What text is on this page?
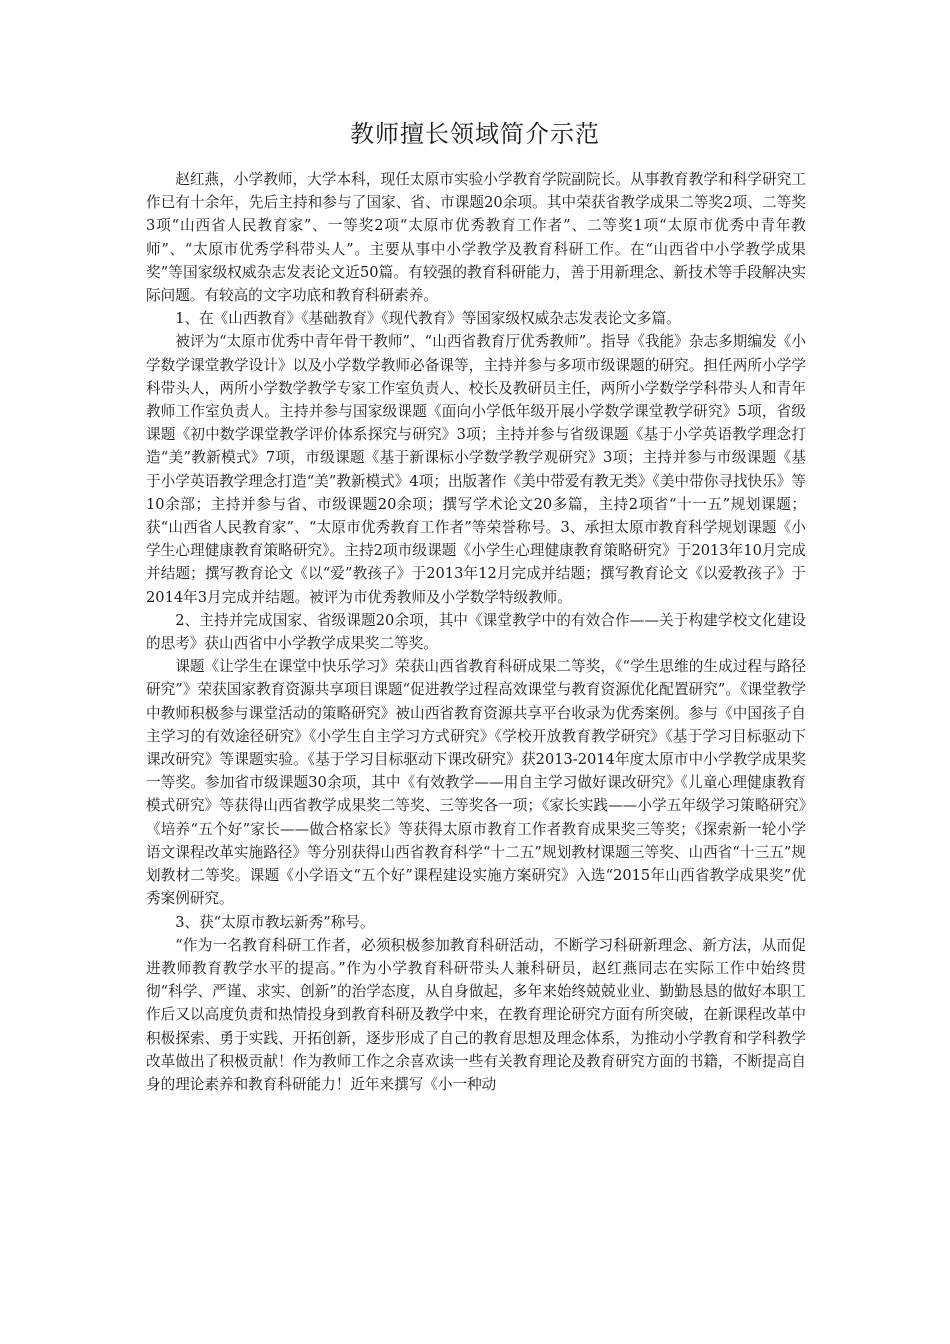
教师擅长领域简介示范

赵红燕，小学教师，大学本科，现任太原市实验小学教育学院副院长。从事教育教学和科学研究工作已有十余年，先后主持和参与了国家、省、市课题20余项。其中荣获省教学成果二等奖2项、二等奖3项“山西省人民教育家”、一等奖2项“太原市优秀教育工作者”、二等奖1项“太原市优秀中青年教师”、“太原市优秀学科带头人”。主要从事中小学教学及教育科研工作。在“山西省中小学教学成果奖”等国家级权威杂志发表论文近50篇。有较强的教育科研能力，善于用新理念、新技术等手段解决实际问题。有较高的文字功底和教育科研素养。

1、在《山西教育》《基础教育》《现代教育》等国家级权威杂志发表论文多篇。

被评为“太原市优秀中青年骨干教师”、“山西省教育厅优秀教师”。指导《我能》杂志多期编发《小学数学课堂教学设计》以及小学数学教师必备课等，主持并参与多项市级课题的研究。担任两所小学学科带头人，两所小学数学教学专家工作室负责人、校长及教研员主任，两所小学数学学科带头人和青年教师工作室负责人。主持并参与国家级课题《面向小学低年级开展小学数学课堂教学研究》5项，省级课题《初中数学课堂教学评价体系探究与研究》3项；主持并参与省级课题《基于小学英语教学理念打造“美”教新模式》7项，市级课题《基于新课标小学数学教学观研究》3项；主持并参与市级课题《基于小学英语教学理念打造“美”教新模式》4项；出版著作《美中带爱有教无类》《美中带你寻找快乐》等10余部；主持并参与省、市级课题20余项；撰写学术论文20多篇，主持2项省“十一五”规划课题；获“山西省人民教育家”、“太原市优秀教育工作者”等荣誉称号。3、承担太原市教育科学规划课题《小学生心理健康教育策略研究》。主持2项市级课题《小学生心理健康教育策略研究》于2013年10月完成并结题；撰写教育论文《以“爱”教孩子》于2013年12月完成并结题；撰写教育论文《以爱教孩子》于2014年3月完成并结题。被评为市优秀教师及小学数学特级教师。

2、主持并完成国家、省级课题20余项，其中《课堂教学中的有效合作——关于构建学校文化建设的思考》获山西省中小学教学成果奖二等奖。

课题《让学生在课堂中快乐学习》荣获山西省教育科研成果二等奖，《“学生思维的生成过程与路径研究”》荣获国家教育资源共享项目课题“促进教学过程高效课堂与教育资源优化配置研究”。《课堂教学中教师积极参与课堂活动的策略研究》被山西省教育资源共享平台收录为优秀案例。参与《中国孩子自主学习的有效途径研究》《小学生自主学习方式研究》《学校开放教育教学研究》《基于学习目标驱动下课改研究》等课题实验。《基于学习目标驱动下课改研究》获2013-2014年度太原市中小学教学成果奖一等奖。参加省市级课题30余项，其中《有效教学——用自主学习做好课改研究》《儿童心理健康教育模式研究》等获得山西省教学成果奖二等奖、三等奖各一项；《家长实践——小学五年级学习策略研究》《培养“五个好”家长——做合格家长》等获得太原市教育工作者教育成果奖三等奖；《探索新一轮小学语文课程改革实施路径》等分别获得山西省教育科学“十二五”规划教材课题三等奖、山西省“十三五”规划教材二等奖。课题《小学语文“五个好”课程建设实施方案研究》入选“2015年山西省教学成果奖”优秀案例研究。

3、获“太原市教坛新秀”称号。

“作为一名教育科研工作者，必须积极参加教育科研活动，不断学习科研新理念、新方法，从而促进教师教育教学水平的提高。”作为小学教育科研带头人兼科研员，赵红燕同志在实际工作中始终贯彻“科学、严谨、求实、创新”的治学态度，从自身做起，多年来始终兢兢业业、勤勤恳恳的做好本职工作后又以高度负责和热情投身到教育科研及教学中来，在教育理论研究方面有所突破，在新课程改革中积极探索、勇于实践、开拓创新，逐步形成了自己的教育思想及理念体系，为推动小学教育和学科教学改革做出了积极贡献！作为教师工作之余喜欢读一些有关教育理论及教育研究方面的书籍，不断提高自身的理论素养和教育科研能力！近年来撰写《小一种动
